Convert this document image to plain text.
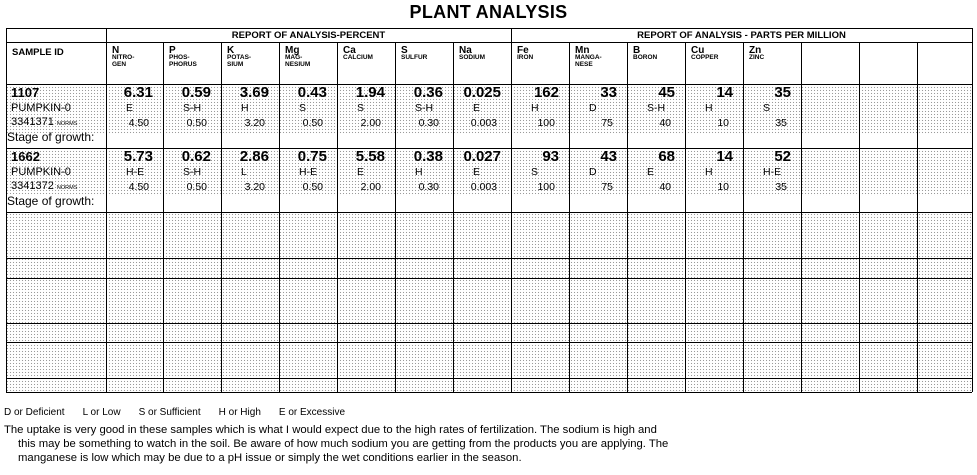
PLANT ANALYSIS
REPORT OF ANALYSIS-PERCENT	REPORT OF ANALYSIS - PARTS PER MILLION
SAMPLE ID	N
NITRO-
GEN
P
PHOS-
PHORUS
K
POTAS-
SIUM
Mg
MAG-
NESIUM
Ca
CALCIUM
S
SULFUR
Na
SODIUM
Fe
IRON
Mn
MANGA-
NESE
B
BORON
Cu
COPPER
Zn
ZINC
1107
PUMPKIN-0
3341371 NORMS
6.31
E
4.50
0.59
S-H
0.50
3.69
H
3.20
0.43
S
0.50
1.94
S
2.00
0.36
S-H
0.30
0.025
E
0.003
162
H
100
33
D
75
45
S-H
40
14
H
10
35
S
35
Stage of growth:
1662
PUMPKIN-0
3341372 NORMS
5.73
H-E
4.50
0.62
S-H
0.50
2.86
L
3.20
0.75
H-E
0.50
5.58
E
2.00
0.38
H
0.30
0.027
E
0.003
93
S
100
43
D
75
68
E
40
14
H
10
52
H-E
35
Stage of growth:
D or Deficient L or Low S or Sufficient H or High E or Excessive
The uptake is very good in these samples which is what I would expect due to the high rates of fertilization. The sodium is high and
this may be something to watch in the soil. Be aware of how much sodium you are getting from the products you are applying. The
manganese is low which may be due to a pH issue or simply the wet conditions earlier in the season.
